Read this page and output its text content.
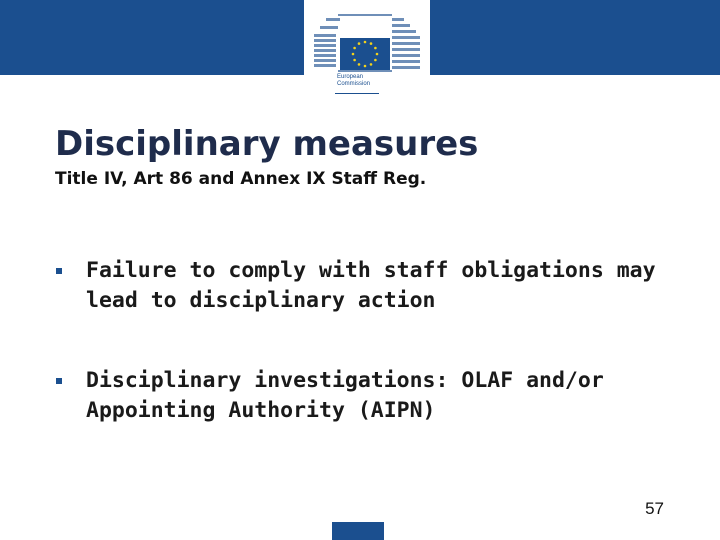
European
Commission
Disciplinary measures
Title IV, Art 86 and Annex IX Staff Reg.
Failure to comply with staff obligations may lead to disciplinary action
Disciplinary investigations: OLAF and/or Appointing Authority (AIPN)
57
